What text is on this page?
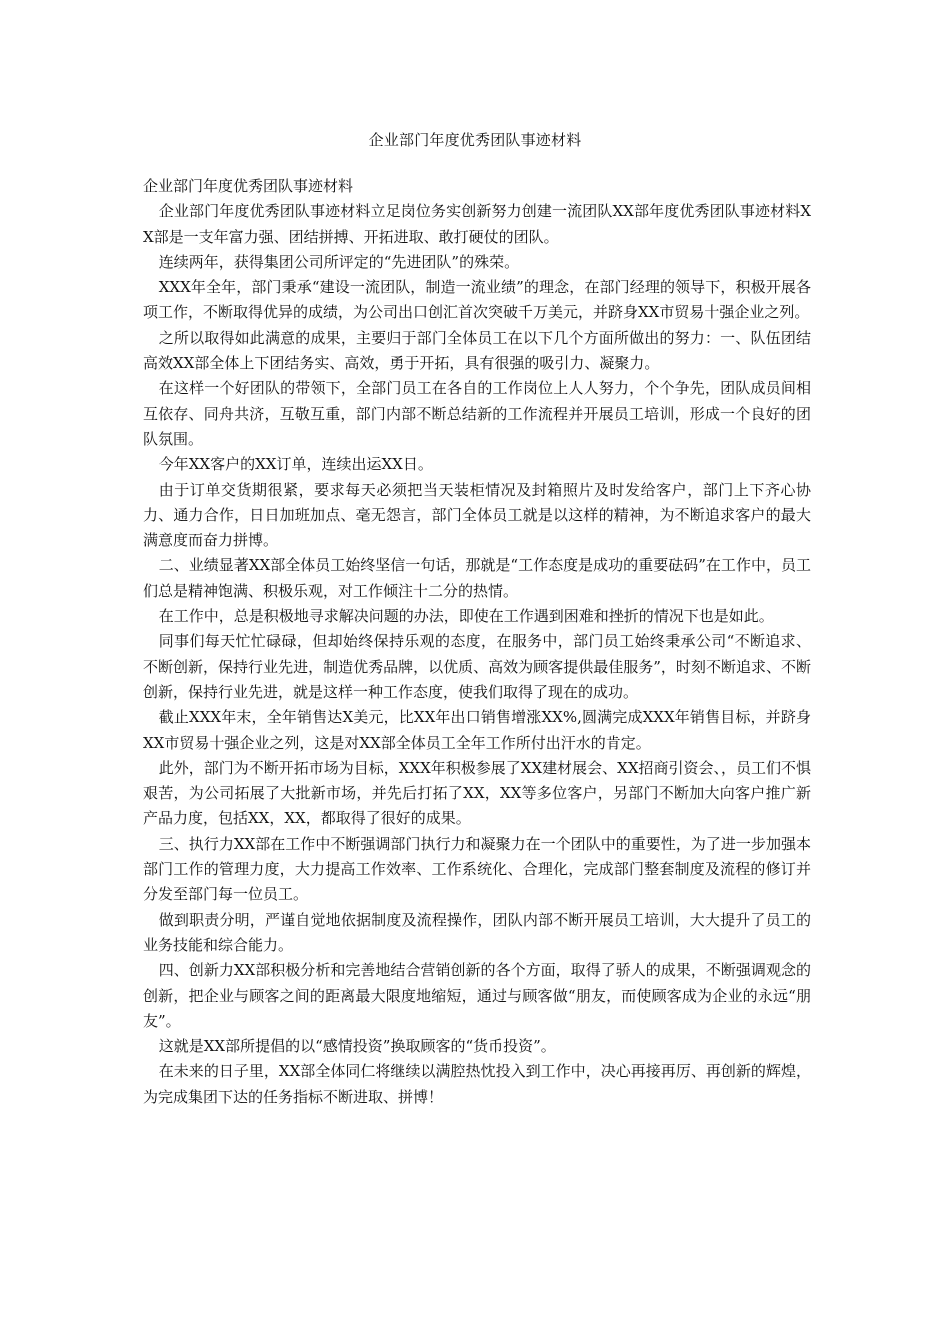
企业部门年度优秀团队事迹材料

企业部门年度优秀团队事迹材料

企业部门年度优秀团队事迹材料立足岗位务实创新努力创建一流团队XX部年度优秀团队事迹材料XX部是一支年富力强、团结拼搏、开拓进取、敢打硬仗的团队。

连续两年，获得集团公司所评定的“先进团队”的殊荣。

XXX年全年，部门秉承“建设一流团队，制造一流业绩”的理念，在部门经理的领导下，积极开展各项工作，不断取得优异的成绩，为公司出口创汇首次突破千万美元，并跻身XX市贸易十强企业之列。

之所以取得如此满意的成果，主要归于部门全体员工在以下几个方面所做出的努力：一、队伍团结高效XX部全体上下团结务实、高效，勇于开拓，具有很强的吸引力、凝聚力。

在这样一个好团队的带领下，全部门员工在各自的工作岗位上人人努力，个个争先，团队成员间相互依存、同舟共济，互敬互重，部门内部不断总结新的工作流程并开展员工培训，形成一个良好的团队氛围。

今年XX客户的XX订单，连续出运XX日。

由于订单交货期很紧，要求每天必须把当天装柜情况及封箱照片及时发给客户，部门上下齐心协力、通力合作，日日加班加点、毫无怨言，部门全体员工就是以这样的精神，为不断追求客户的最大满意度而奋力拼博。

二、业绩显著XX部全体员工始终坚信一句话，那就是“工作态度是成功的重要砝码”在工作中，员工们总是精神饱满、积极乐观，对工作倾注十二分的热情。

在工作中，总是积极地寻求解决问题的办法，即使在工作遇到困难和挫折的情况下也是如此。

同事们每天忙忙碌碌，但却始终保持乐观的态度，在服务中，部门员工始终秉承公司“不断追求、不断创新，保持行业先进，制造优秀品牌，以优质、高效为顾客提供最佳服务”，时刻不断追求、不断创新，保持行业先进，就是这样一种工作态度，使我们取得了现在的成功。

截止XXX年末，全年销售达X美元，比XX年出口销售增涨XX%,圆满完成XXX年销售目标，并跻身XX市贸易十强企业之列，这是对XX部全体员工全年工作所付出汗水的肯定。

此外，部门为不断开拓市场为目标，XXX年积极参展了XX建材展会、XX招商引资会、，员工们不惧艰苦，为公司拓展了大批新市场，并先后打拓了XX，XX等多位客户，另部门不断加大向客户推广新产品力度，包括XX，XX，都取得了很好的成果。

三、执行力XX部在工作中不断强调部门执行力和凝聚力在一个团队中的重要性，为了进一步加强本部门工作的管理力度，大力提高工作效率、工作系统化、合理化，完成部门整套制度及流程的修订并分发至部门每一位员工。

做到职责分明，严谨自觉地依据制度及流程操作，团队内部不断开展员工培训，大大提升了员工的业务技能和综合能力。

四、创新力XX部积极分析和完善地结合营销创新的各个方面，取得了骄人的成果，不断强调观念的创新，把企业与顾客之间的距离最大限度地缩短，通过与顾客做“朋友，而使顾客成为企业的永远“朋友”。

这就是XX部所提倡的以“感情投资”换取顾客的“货币投资”。

在未来的日子里，XX部全体同仁将继续以满腔热忱投入到工作中，决心再接再厉、再创新的辉煌，为完成集团下达的任务指标不断进取、拼博！
